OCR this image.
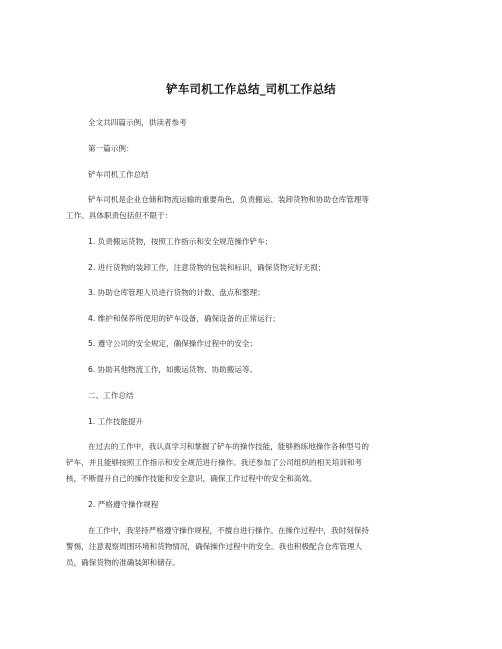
铲车司机工作总结_司机工作总结
全文共四篇示例，供读者参考
第一篇示例：
铲车司机工作总结
铲车司机是企业仓储和物流运输的重要角色，负责搬运、装卸货物和协助仓库管理等
工作。具体职责包括但不限于：
1. 负责搬运货物，按照工作指示和安全规范操作铲车；
2. 进行货物的装卸工作，注意货物的包装和标识，确保货物完好无损；
3. 协助仓库管理人员进行货物的计数、盘点和整理；
4. 维护和保养所使用的铲车设备，确保设备的正常运行；
5. 遵守公司的安全规定，确保操作过程中的安全；
6. 协助其他物流工作，如搬运货物、协助搬运等。
二、工作总结
1. 工作技能提升
在过去的工作中，我认真学习和掌握了铲车的操作技能，能够熟练地操作各种型号的
铲车，并且能够按照工作指示和安全规范进行操作。我还参加了公司组织的相关培训和考
核，不断提升自己的操作技能和安全意识，确保工作过程中的安全和高效。
2. 严格遵守操作规程
在工作中，我坚持严格遵守操作规程，不擅自进行操作。在操作过程中，我时刻保持
警惕，注意观察周围环境和货物情况，确保操作过程中的安全。我也积极配合仓库管理人
员，确保货物的准确装卸和储存。
